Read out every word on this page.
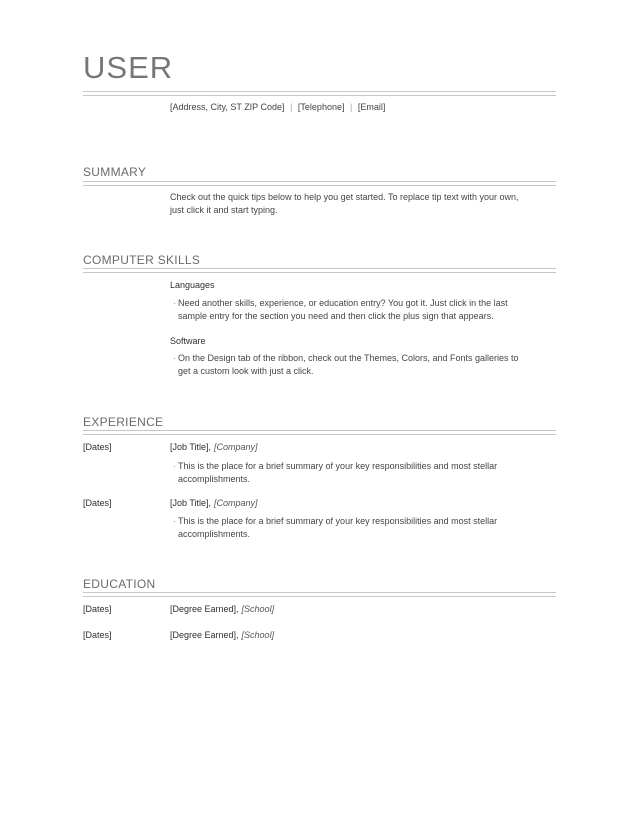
USER
[Address, City, ST ZIP Code] | [Telephone] | [Email]
SUMMARY
Check out the quick tips below to help you get started. To replace tip text with your own, just click it and start typing.
COMPUTER SKILLS
Languages
· Need another skills, experience, or education entry? You got it. Just click in the last sample entry for the section you need and then click the plus sign that appears.
Software
· On the Design tab of the ribbon, check out the Themes, Colors, and Fonts galleries to get a custom look with just a click.
EXPERIENCE
[Dates]	[Job Title], [Company]
· This is the place for a brief summary of your key responsibilities and most stellar accomplishments.
[Dates]	[Job Title], [Company]
· This is the place for a brief summary of your key responsibilities and most stellar accomplishments.
EDUCATION
[Dates]	[Degree Earned], [School]
[Dates]	[Degree Earned], [School]
